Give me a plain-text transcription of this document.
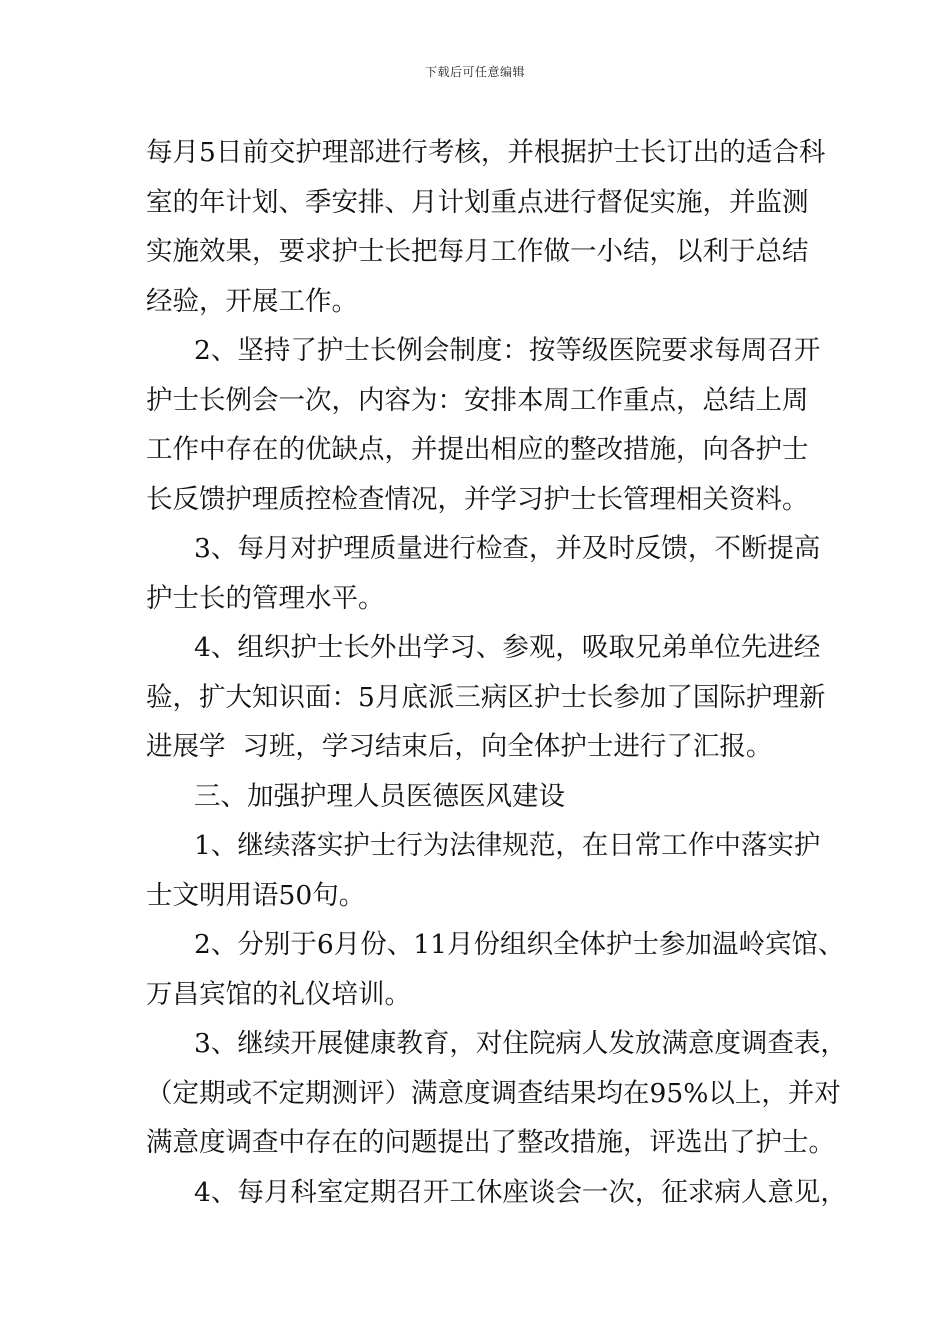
下载后可任意编辑
每月5日前交护理部进行考核，并根据护士长订出的适合科
室的年计划、季安排、月计划重点进行督促实施，并监测
实施效果，要求护士长把每月工作做一小结，以利于总结
经验，开展工作。
2、坚持了护士长例会制度：按等级医院要求每周召开
护士长例会一次，内容为：安排本周工作重点，总结上周
工作中存在的优缺点，并提出相应的整改措施，向各护士
长反馈护理质控检查情况，并学习护士长管理相关资料。
3、每月对护理质量进行检查，并及时反馈，不断提高
护士长的管理水平。
4、组织护士长外出学习、参观，吸取兄弟单位先进经
验，扩大知识面：5月底派三病区护士长参加了国际护理新
进展学  习班，学习结束后，向全体护士进行了汇报。
三、加强护理人员医德医风建设
1、继续落实护士行为法律规范，在日常工作中落实护
士文明用语50句。
2、分别于6月份、11月份组织全体护士参加温岭宾馆、
万昌宾馆的礼仪培训。
3、继续开展健康教育，对住院病人发放满意度调查表，
（定期或不定期测评）满意度调查结果均在95%以上，并对
满意度调查中存在的问题提出了整改措施，评选出了护士。
4、每月科室定期召开工休座谈会一次，征求病人意见，
